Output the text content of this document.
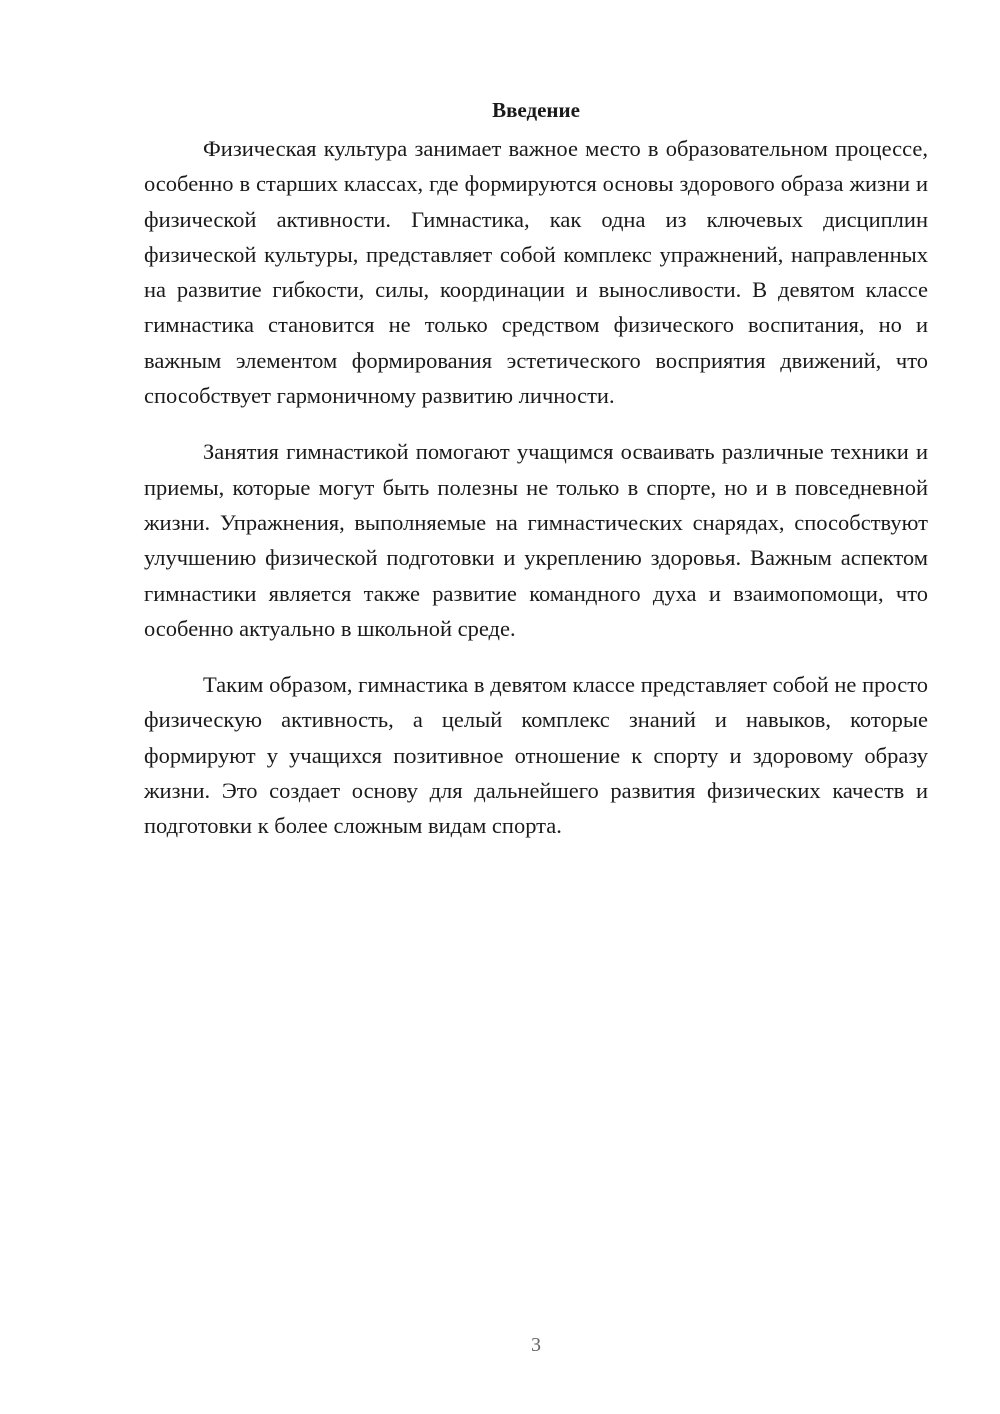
Введение

Физическая культура занимает важное место в образовательном процессе, особенно в старших классах, где формируются основы здорового образа жизни и физической активности. Гимнастика, как одна из ключевых дисциплин физической культуры, представляет собой комплекс упражнений, направленных на развитие гибкости, силы, координации и выносливости. В девятом классе гимнастика становится не только средством физического воспитания, но и важным элементом формирования эстетического восприятия движений, что способствует гармоничному развитию личности.

Занятия гимнастикой помогают учащимся осваивать различные техники и приемы, которые могут быть полезны не только в спорте, но и в повседневной жизни. Упражнения, выполняемые на гимнастических снарядах, способствуют улучшению физической подготовки и укреплению здоровья. Важным аспектом гимнастики является также развитие командного духа и взаимопомощи, что особенно актуально в школьной среде.

Таким образом, гимнастика в девятом классе представляет собой не просто физическую активность, а целый комплекс знаний и навыков, которые формируют у учащихся позитивное отношение к спорту и здоровому образу жизни. Это создает основу для дальнейшего развития физических качеств и подготовки к более сложным видам спорта.

3
